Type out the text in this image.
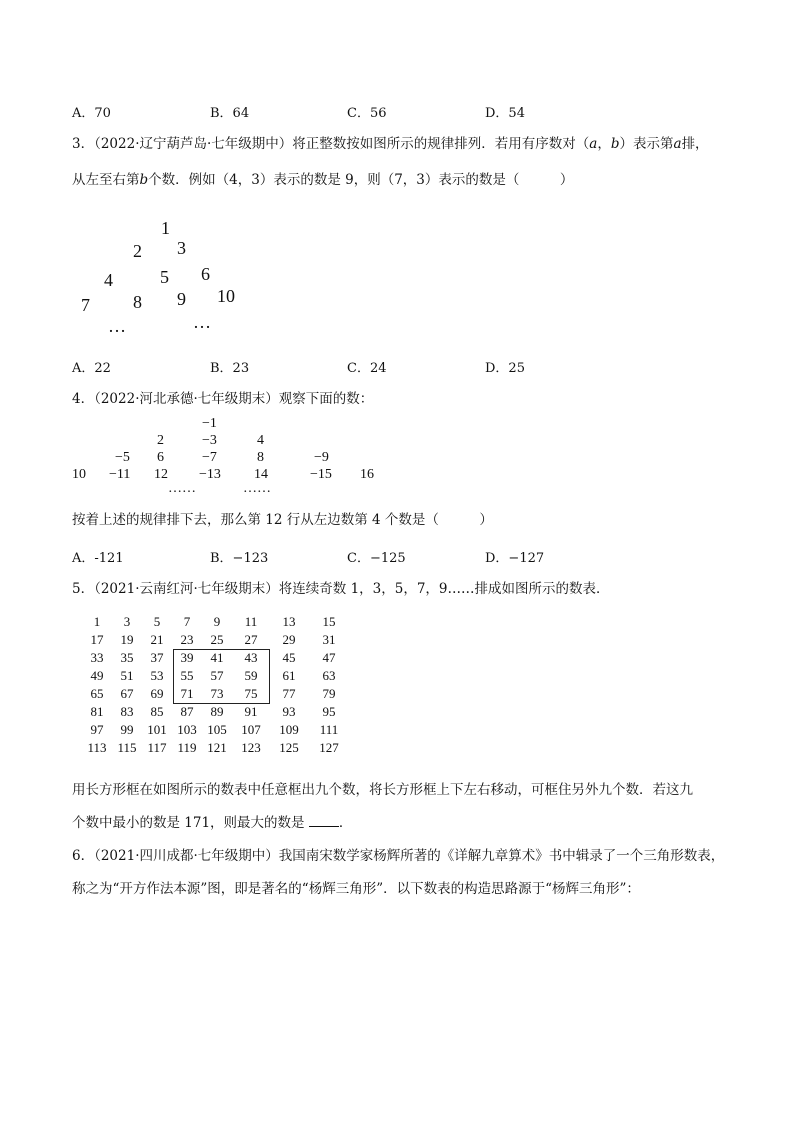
A．70	B．64	C．56	D．54
3．（2022·辽宁葫芦岛·七年级期中）将正整数按如图所示的规律排列．若用有序数对（a，b）表示第a排，
从左至右第b个数．例如（4，3）表示的数是 9，则（7，3）表示的数是（　　　）
1
2 3
4	5 6
7 8 9 10
…	…
A．22	B．23	C．24	D．25
4．（2022·河北承德·七年级期末）观察下面的数：
−1
2	−3	4
−5 6	−7	8	−9
10 −11 12 −13 14	−15 16
……	……
按着上述的规律排下去，那么第 12 行从左边数第 4 个数是（　　　）
A．-121	B．−123	C．−125	D．−127
5．（2021·云南红河·七年级期末）将连续奇数 1，3，5，7，9……排成如图所示的数表．
1	3	5	7	9	11	13	15
17	19	21	23	25	27	29	31
33	35	37	39	41	43	45	47
49	51	53	55	57	59	61	63
65	67	69	71	73	75	77	79
81	83	85	87	89	91	93	95
97	99	101 103 105	107	109	111
113 115 117 119 121	123	125	127
用长方形框在如图所示的数表中任意框出九个数，将长方形框上下左右移动，可框住另外九个数．若这九
个数中最小的数是 171，则最大的数是	．
6．（2021·四川成都·七年级期中）我国南宋数学家杨辉所著的《详解九章算术》书中辑录了一个三角形数表，
称之为“开方作法本源”图，即是著名的“杨辉三角形”．以下数表的构造思路源于“杨辉三角形”：
